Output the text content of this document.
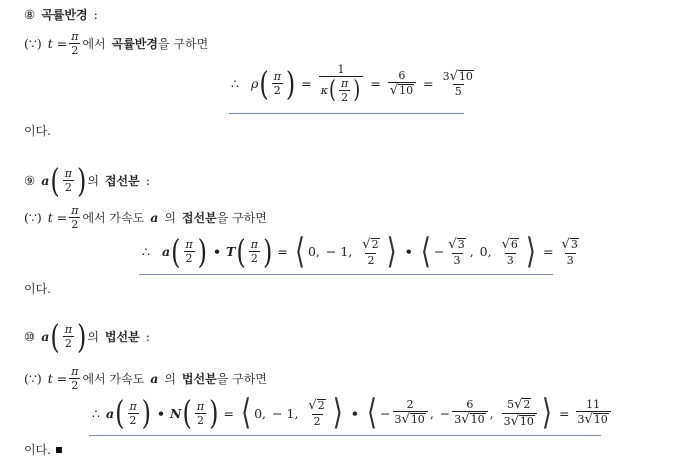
⑧ 곡률반경 :
(∵) $t = \frac{\pi}{2}$ 에서 곡률반경 을 구하면
∴ ρ ( $\frac{\pi}{2}$ ) = $\frac{1}{\kappa ( \frac{\pi}{2} )} = \frac{6}{√ 10} = \frac{3 √ 10}{5}$
이다.
⑨ a ( $\frac{\pi}{2}$ ) 의 접선분 :
(∵) $t = \frac{\pi}{2}$ 에서 가속도 a 의 접선분 을 구하면
∴ a ( $\frac{\pi}{2}$ ) • T ( $\frac{\pi}{2}$ ) = ⟨ 0, − 1, $\frac{√ 2}{2}$ ⟩ • ⟨ − $\frac{√ 3}{3}$ , 0, $\frac{√ 6}{3}$ ⟩ = $\frac{√ 3}{3}$
이다.
⑩ a ( $\frac{\pi}{2}$ ) 의 법선분 :
(∵) $t = \frac{\pi}{2}$ 에서 가속도 a 의 법선분 을 구하면
∴ a ( $\frac{\pi}{2}$ ) • N ( $\frac{\pi}{2}$ ) = ⟨ 0, − 1, $\frac{√ 2}{2}$ ⟩ • ⟨ − $\frac{2}{3 √ 10}$ , − $\frac{6}{3 √ 10}$ , $\frac{5 √ 2}{3 √ 10}$ ⟩ = $\frac{11}{3 √ 10}$
이다.
